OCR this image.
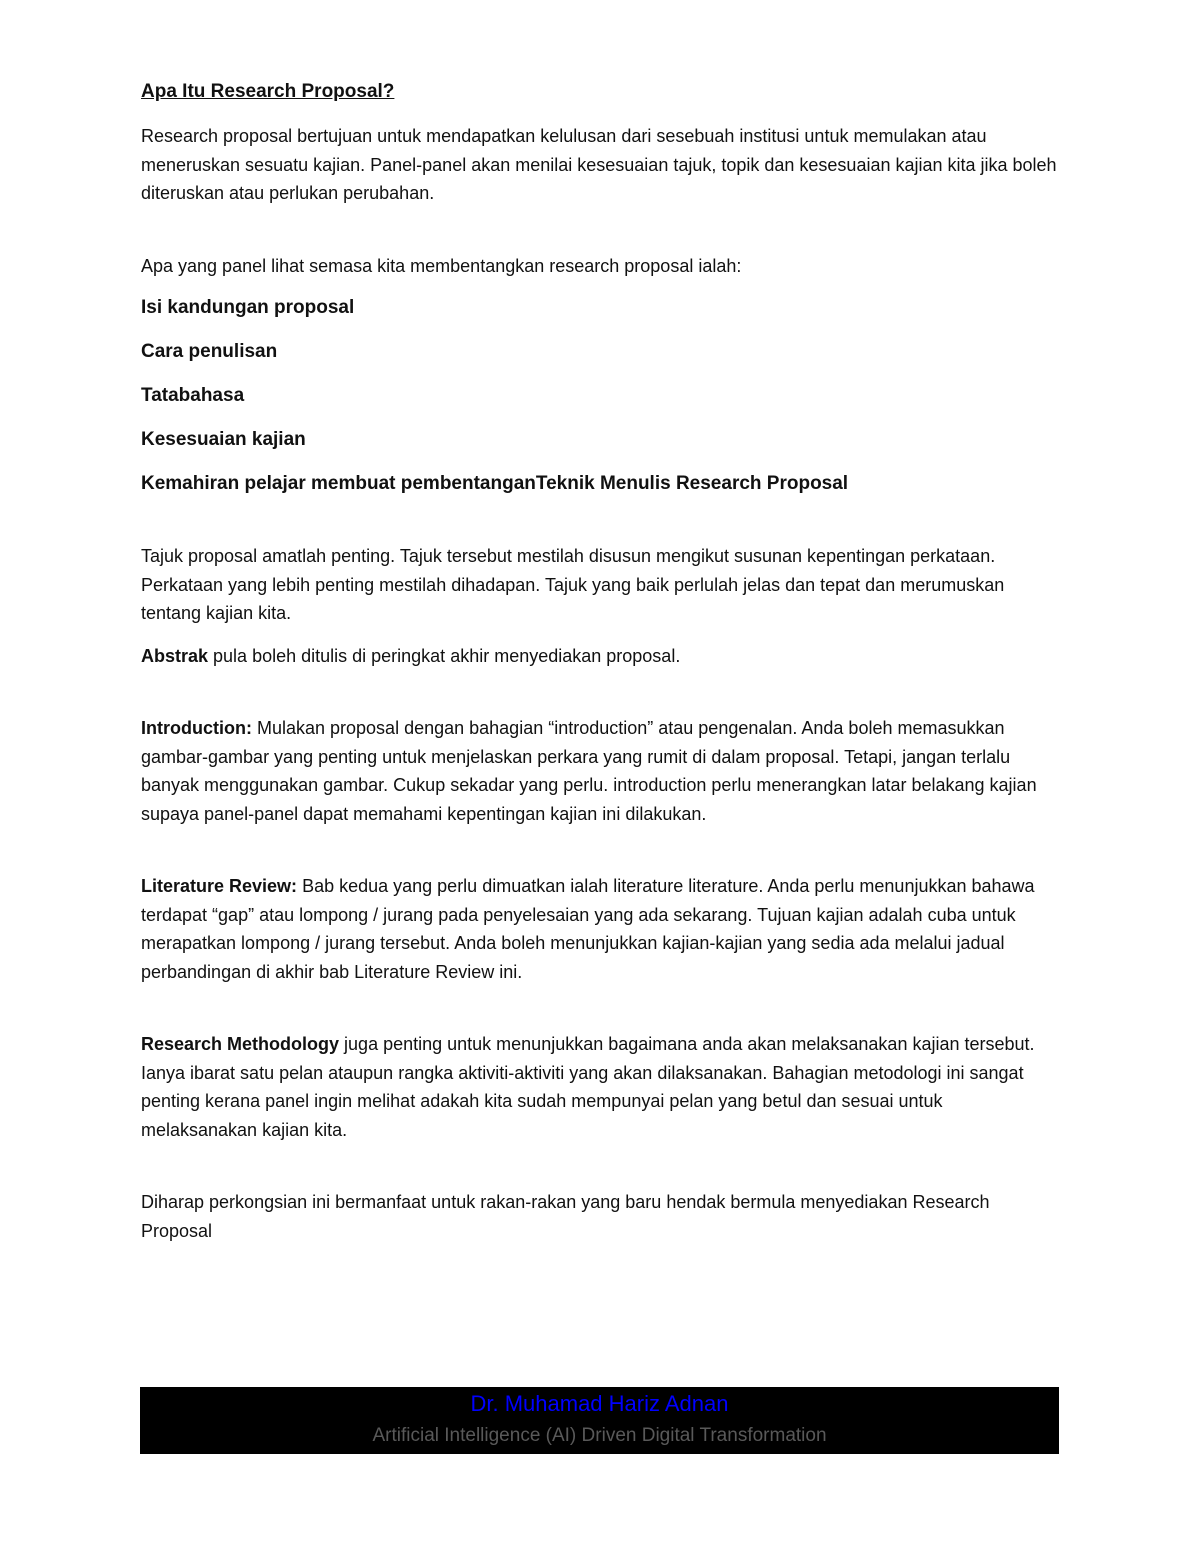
Apa Itu Research Proposal?

Research proposal bertujuan untuk mendapatkan kelulusan dari sesebuah institusi untuk memulakan atau meneruskan sesuatu kajian. Panel-panel akan menilai kesesuaian tajuk, topik dan kesesuaian kajian kita jika boleh diteruskan atau perlukan perubahan.

Apa yang panel lihat semasa kita membentangkan research proposal ialah:

Isi kandungan proposal
Cara penulisan
Tatabahasa
Kesesuaian kajian
Kemahiran pelajar membuat pembentanganTeknik Menulis Research Proposal

Tajuk proposal amatlah penting. Tajuk tersebut mestilah disusun mengikut susunan kepentingan perkataan. Perkataan yang lebih penting mestilah dihadapan. Tajuk yang baik perlulah jelas dan tepat dan merumuskan tentang kajian kita.

Abstrak pula boleh ditulis di peringkat akhir menyediakan proposal.

Introduction: Mulakan proposal dengan bahagian “introduction” atau pengenalan. Anda boleh memasukkan gambar-gambar yang penting untuk menjelaskan perkara yang rumit di dalam proposal. Tetapi, jangan terlalu banyak menggunakan gambar. Cukup sekadar yang perlu. introduction perlu menerangkan latar belakang kajian supaya panel-panel dapat memahami kepentingan kajian ini dilakukan.

Literature Review: Bab kedua yang perlu dimuatkan ialah literature literature. Anda perlu menunjukkan bahawa terdapat “gap” atau lompong / jurang pada penyelesaian yang ada sekarang. Tujuan kajian adalah cuba untuk merapatkan lompong / jurang tersebut. Anda boleh menunjukkan kajian-kajian yang sedia ada melalui jadual perbandingan di akhir bab Literature Review ini.

Research Methodology juga penting untuk menunjukkan bagaimana anda akan melaksanakan kajian tersebut. Ianya ibarat satu pelan ataupun rangka aktiviti-aktiviti yang akan dilaksanakan. Bahagian metodologi ini sangat penting kerana panel ingin melihat adakah kita sudah mempunyai pelan yang betul dan sesuai untuk melaksanakan kajian kita.

Diharap perkongsian ini bermanfaat untuk rakan-rakan yang baru hendak bermula menyediakan Research Proposal

Dr. Muhamad Hariz Adnan
Artificial Intelligence (AI) Driven Digital Transformation
